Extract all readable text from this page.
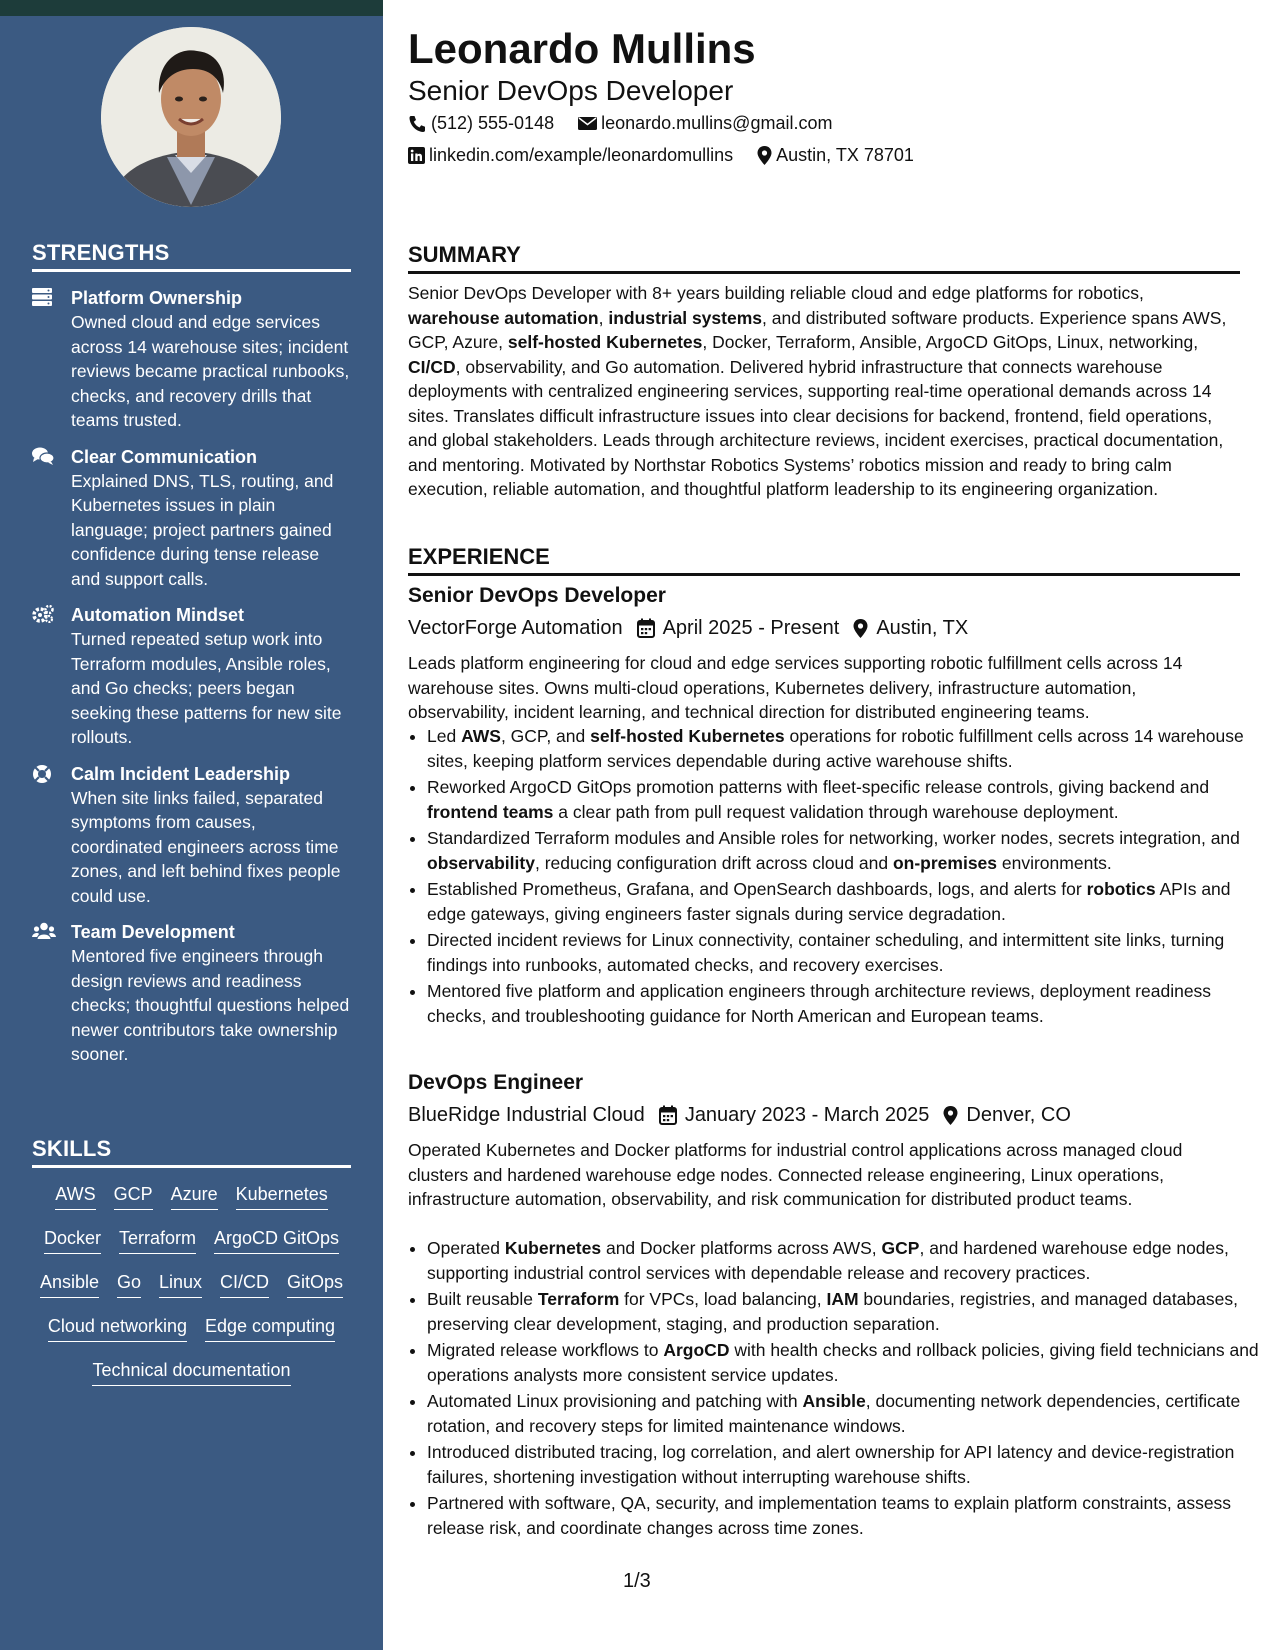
STRENGTHS
Platform Ownership
Owned cloud and edge services across 14 warehouse sites; incident reviews became practical runbooks, checks, and recovery drills that teams trusted.
Clear Communication
Explained DNS, TLS, routing, and Kubernetes issues in plain language; project partners gained confidence during tense release and support calls.
Automation Mindset
Turned repeated setup work into Terraform modules, Ansible roles, and Go checks; peers began seeking these patterns for new site rollouts.
Calm Incident Leadership
When site links failed, separated symptoms from causes, coordinated engineers across time zones, and left behind fixes people could use.
Team Development
Mentored five engineers through design reviews and readiness checks; thoughtful questions helped newer contributors take ownership sooner.
SKILLS
AWS GCP Azure Kubernetes
Docker Terraform ArgoCD GitOps
Ansible Go Linux CI/CD GitOps
Cloud networking Edge computing
Technical documentation
Leonardo Mullins
Senior DevOps Developer
(512) 555-0148	leonardo.mullins@gmail.com
linkedin.com/example/leonardomullins Austin, TX 78701
SUMMARY
Senior DevOps Developer with 8+ years building reliable cloud and edge platforms for robotics, warehouse automation, industrial systems, and distributed software products. Experience spans AWS, GCP, Azure, self-hosted Kubernetes, Docker, Terraform, Ansible, ArgoCD GitOps, Linux, networking, CI/CD, observability, and Go automation. Delivered hybrid infrastructure that connects warehouse deployments with centralized engineering services, supporting real-time operational demands across 14 sites. Translates difficult infrastructure issues into clear decisions for backend, frontend, field operations, and global stakeholders. Leads through architecture reviews, incident exercises, practical documentation, and mentoring. Motivated by Northstar Robotics Systems’ robotics mission and ready to bring calm execution, reliable automation, and thoughtful platform leadership to its engineering organization.
EXPERIENCE
Senior DevOps Developer
VectorForge Automation April 2025 - Present Austin, TX
Leads platform engineering for cloud and edge services supporting robotic fulfillment cells across 14 warehouse sites. Owns multi-cloud operations, Kubernetes delivery, infrastructure automation, observability, incident learning, and technical direction for distributed engineering teams.
• Led AWS, GCP, and self-hosted Kubernetes operations for robotic fulfillment cells across 14 warehouse sites, keeping platform services dependable during active warehouse shifts.
• Reworked ArgoCD GitOps promotion patterns with fleet-specific release controls, giving backend and frontend teams a clear path from pull request validation through warehouse deployment.
• Standardized Terraform modules and Ansible roles for networking, worker nodes, secrets integration, and observability, reducing configuration drift across cloud and on-premises environments.
• Established Prometheus, Grafana, and OpenSearch dashboards, logs, and alerts for robotics APIs and edge gateways, giving engineers faster signals during service degradation.
• Directed incident reviews for Linux connectivity, container scheduling, and intermittent site links, turning findings into runbooks, automated checks, and recovery exercises.
• Mentored five platform and application engineers through architecture reviews, deployment readiness checks, and troubleshooting guidance for North American and European teams.
DevOps Engineer
BlueRidge Industrial Cloud January 2023 - March 2025 Denver, CO
Operated Kubernetes and Docker platforms for industrial control applications across managed cloud clusters and hardened warehouse edge nodes. Connected release engineering, Linux operations, infrastructure automation, observability, and risk communication for distributed product teams.
• Operated Kubernetes and Docker platforms across AWS, GCP, and hardened warehouse edge nodes, supporting industrial control services with dependable release and recovery practices.
• Built reusable Terraform for VPCs, load balancing, IAM boundaries, registries, and managed databases, preserving clear development, staging, and production separation.
• Migrated release workflows to ArgoCD with health checks and rollback policies, giving field technicians and operations analysts more consistent service updates.
• Automated Linux provisioning and patching with Ansible, documenting network dependencies, certificate rotation, and recovery steps for limited maintenance windows.
• Introduced distributed tracing, log correlation, and alert ownership for API latency and device-registration failures, shortening investigation without interrupting warehouse shifts.
• Partnered with software, QA, security, and implementation teams to explain platform constraints, assess release risk, and coordinate changes across time zones.
1/3
